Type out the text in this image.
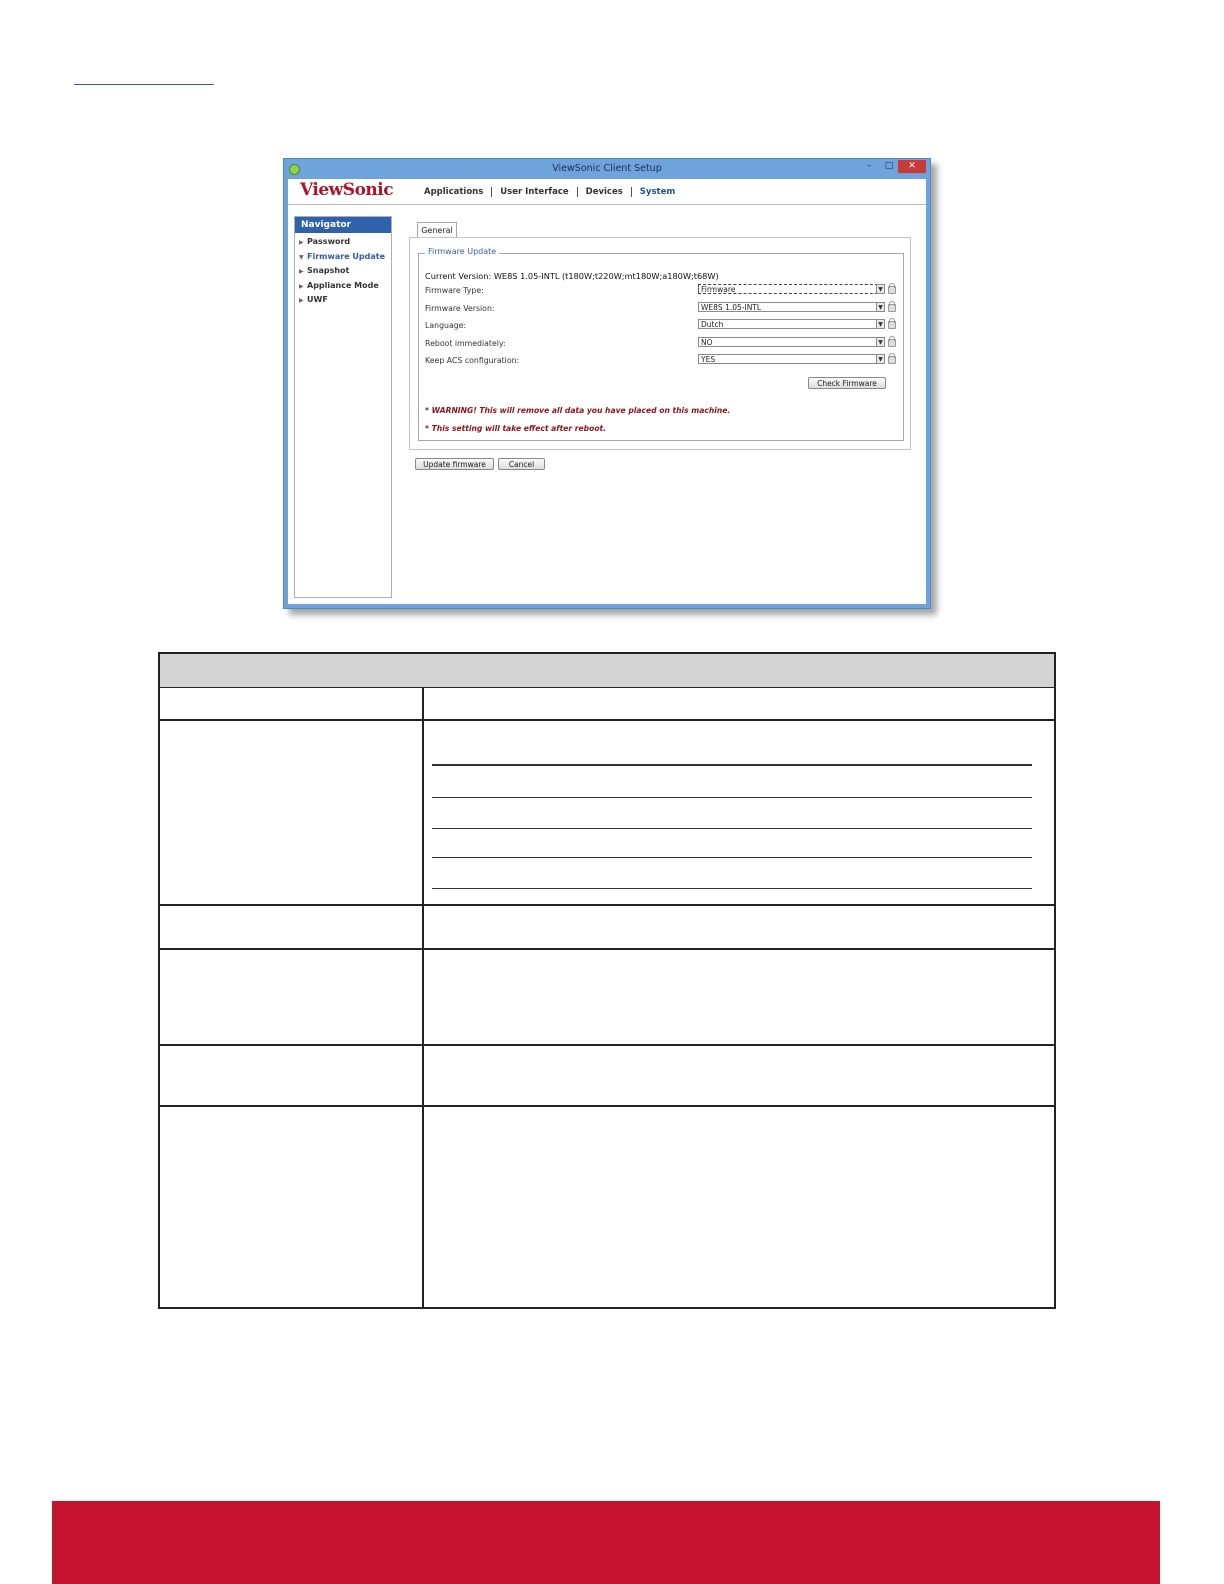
ViewSonic Client Setup	–	□	✕
ViewSonic	Applications	User Interface	Devices	System
Navigator
▶ Password
▼ Firmware Update
▶ Snapshot
▶ Appliance Mode
▶ UWF
General
Firmware Update
Current Version: WE8S 1.05-INTL (t180W;t220W;mt180W;a180W;t68W)
Firmware Type:	Firmware	▼
Firmware Version:	WE8S 1.05-INTL	▼
Language:	Dutch	▼
Reboot immediately:	NO	▼
Keep ACS configuration:	YES	▼
Check Firmware
* WARNING! This will remove all data you have placed on this machine.
* This setting will take effect after reboot.
Update firmware	Cancel
